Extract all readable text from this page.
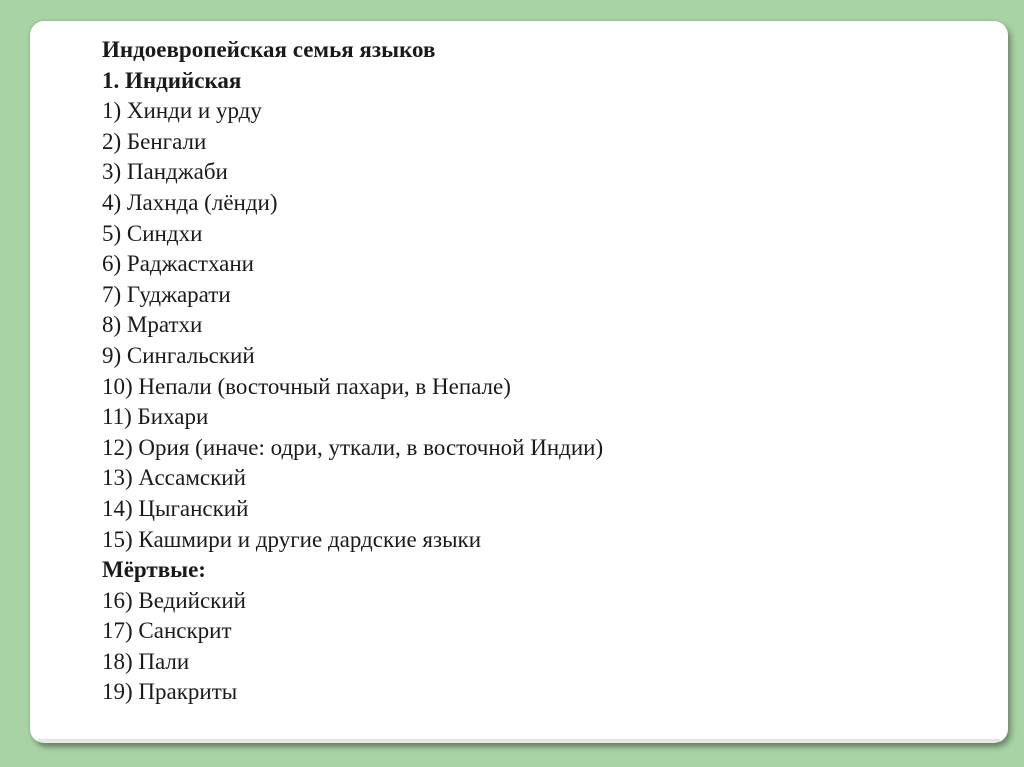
Индоевропейская семья языков
1. Индийская
1) Хинди и урду
2) Бенгали
3) Панджаби
4) Лахнда (лёнди)
5) Синдхи
6) Раджастхани
7) Гуджарати
8) Мратхи
9) Сингальский
10) Непали (восточный пахари, в Непале)
11) Бихари
12) Ория (иначе: одри, уткали, в восточной Индии)
13) Ассамский
14) Цыганский
15) Кашмири и другие дардские языки
Мёртвые:
16) Ведийский
17) Санскрит
18) Пали
19) Пракриты
